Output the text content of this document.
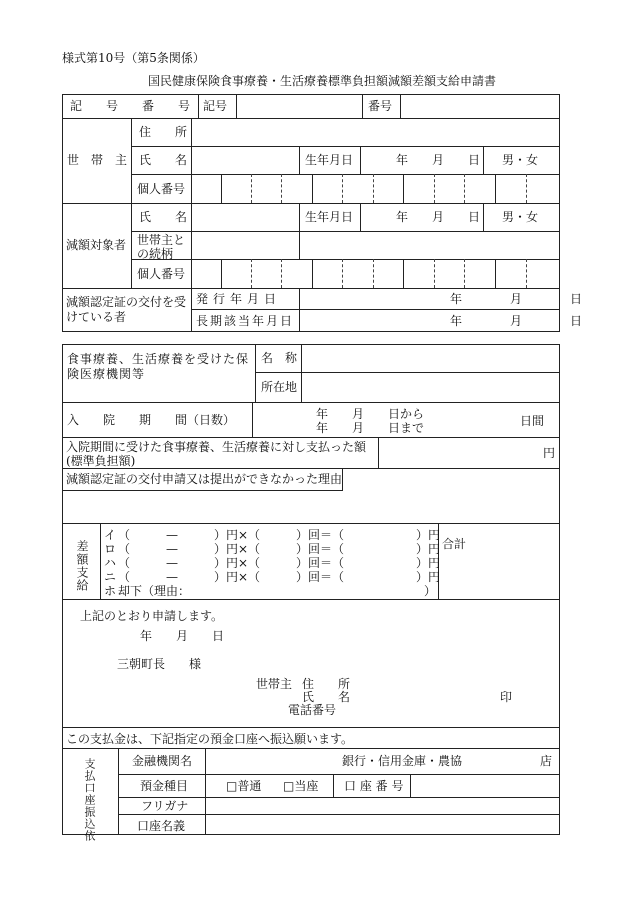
様式第10号（第5条関係）
国民健康保険食事療養・生活療養標準負担額減額差額支給申請書
記　　号　　番　　号 記号	番号
世　帯　主
住　　所
氏　　名	生年月日	年　　月　　日 男・女
個人番号
減額対象者
氏　　名	生年月日	年　　月　　日 男・女
世帯主との続柄
個人番号
減額認定証の交付を受けている者
発行年月日	年　　　　月　　　　日
長期該当年月日	年　　　　月　　　　日
食事療養、生活療養を受けた保険医療機関等
名　称
所在地
入　　院　　期　　間（日数）	年　　月　　日から
年　　月　　日まで	日間
入院期間に受けた食事療養、生活療養に対し支払った額(標準負担額)
円
減額認定証の交付申請又は提出ができなかった理由
差額支給
イ （　　　—　　　）円×（　　　）回＝（　　　　　　）円
ロ （　　　—　　　）円×（　　　）回＝（　　　　　　）円
ハ （　　　—　　　）円×（　　　）回＝（　　　　　　）円
ニ （　　　—　　　）円×（　　　）回＝（　　　　　　）円
ホ 却下（理由：　　　　　　　　　　　　　　　　　　　　）
合計
上記のとおり申請します。
年　　月　　日
三朝町長　　様
世帯主 住　　所
氏　　名	印
電話番号
この支払金は、下記指定の預金口座へ振込願います。
支払口座振込依	金融機関名	銀行・信用金庫・農協	店
預金種目	□普通 □当座 口 座 番 号
フリガナ
口座名義
